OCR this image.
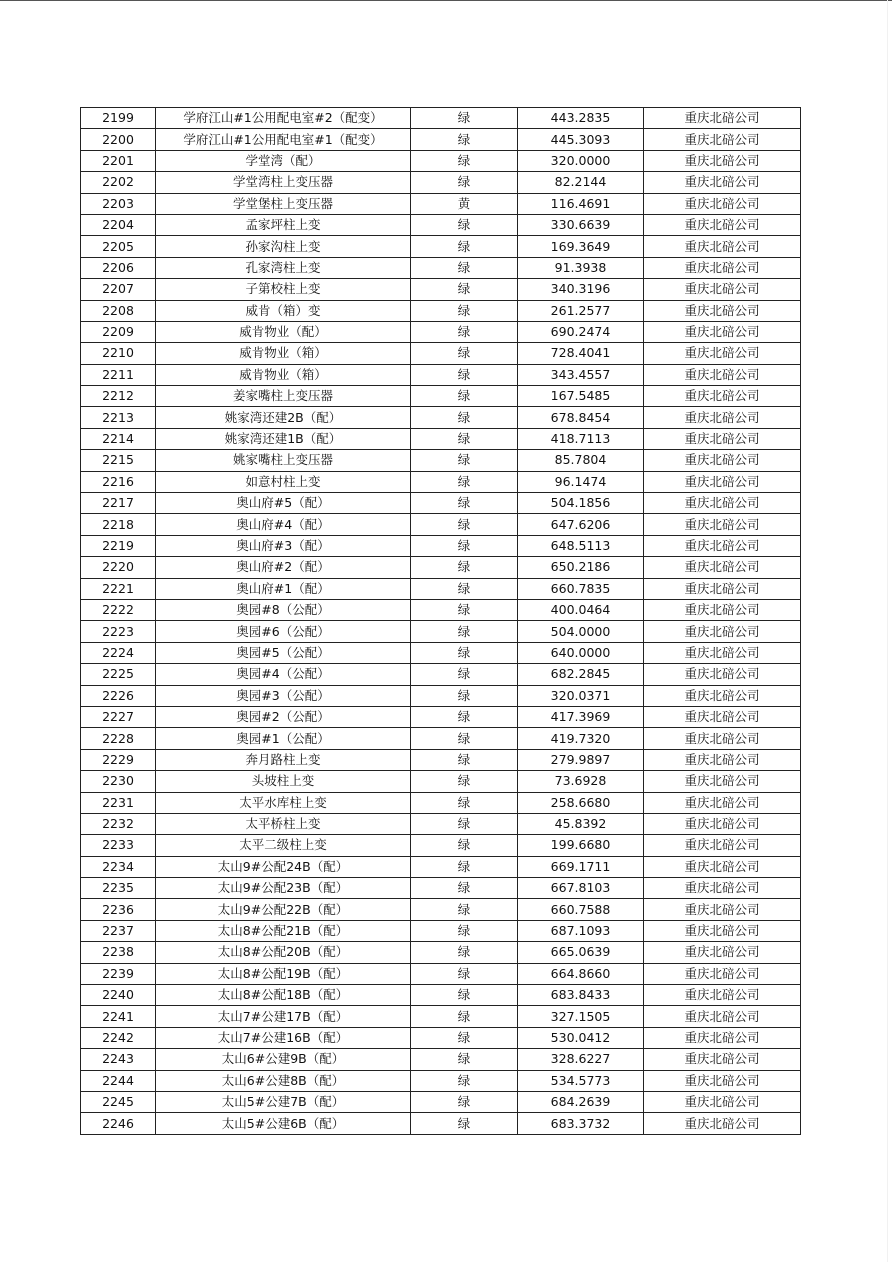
2199	学府江山#1公用配电室#2（配变）	绿	443.2835	重庆北碚公司
2200	学府江山#1公用配电室#1（配变）	绿	445.3093	重庆北碚公司
2201	学堂湾（配）	绿	320.0000	重庆北碚公司
2202	学堂湾柱上变压器	绿	82.2144	重庆北碚公司
2203	学堂堡柱上变压器	黄	116.4691	重庆北碚公司
2204	孟家坪柱上变	绿	330.6639	重庆北碚公司
2205	孙家沟柱上变	绿	169.3649	重庆北碚公司
2206	孔家湾柱上变	绿	91.3938	重庆北碚公司
2207	子第校柱上变	绿	340.3196	重庆北碚公司
2208	威肯（箱）变	绿	261.2577	重庆北碚公司
2209	威肯物业（配）	绿	690.2474	重庆北碚公司
2210	威肯物业（箱）	绿	728.4041	重庆北碚公司
2211	威肯物业（箱）	绿	343.4557	重庆北碚公司
2212	姜家嘴柱上变压器	绿	167.5485	重庆北碚公司
2213	姚家湾还建2B（配）	绿	678.8454	重庆北碚公司
2214	姚家湾还建1B（配）	绿	418.7113	重庆北碚公司
2215	姚家嘴柱上变压器	绿	85.7804	重庆北碚公司
2216	如意村柱上变	绿	96.1474	重庆北碚公司
2217	奥山府#5（配）	绿	504.1856	重庆北碚公司
2218	奥山府#4（配）	绿	647.6206	重庆北碚公司
2219	奥山府#3（配）	绿	648.5113	重庆北碚公司
2220	奥山府#2（配）	绿	650.2186	重庆北碚公司
2221	奥山府#1（配）	绿	660.7835	重庆北碚公司
2222	奥园#8（公配）	绿	400.0464	重庆北碚公司
2223	奥园#6（公配）	绿	504.0000	重庆北碚公司
2224	奥园#5（公配）	绿	640.0000	重庆北碚公司
2225	奥园#4（公配）	绿	682.2845	重庆北碚公司
2226	奥园#3（公配）	绿	320.0371	重庆北碚公司
2227	奥园#2（公配）	绿	417.3969	重庆北碚公司
2228	奥园#1（公配）	绿	419.7320	重庆北碚公司
2229	奔月路柱上变	绿	279.9897	重庆北碚公司
2230	头坡柱上变	绿	73.6928	重庆北碚公司
2231	太平水库柱上变	绿	258.6680	重庆北碚公司
2232	太平桥柱上变	绿	45.8392	重庆北碚公司
2233	太平二级柱上变	绿	199.6680	重庆北碚公司
2234	太山9#公配24B（配）	绿	669.1711	重庆北碚公司
2235	太山9#公配23B（配）	绿	667.8103	重庆北碚公司
2236	太山9#公配22B（配）	绿	660.7588	重庆北碚公司
2237	太山8#公配21B（配）	绿	687.1093	重庆北碚公司
2238	太山8#公配20B（配）	绿	665.0639	重庆北碚公司
2239	太山8#公配19B（配）	绿	664.8660	重庆北碚公司
2240	太山8#公配18B（配）	绿	683.8433	重庆北碚公司
2241	太山7#公建17B（配）	绿	327.1505	重庆北碚公司
2242	太山7#公建16B（配）	绿	530.0412	重庆北碚公司
2243	太山6#公建9B（配）	绿	328.6227	重庆北碚公司
2244	太山6#公建8B（配）	绿	534.5773	重庆北碚公司
2245	太山5#公建7B（配）	绿	684.2639	重庆北碚公司
2246	太山5#公建6B（配）	绿	683.3732	重庆北碚公司
